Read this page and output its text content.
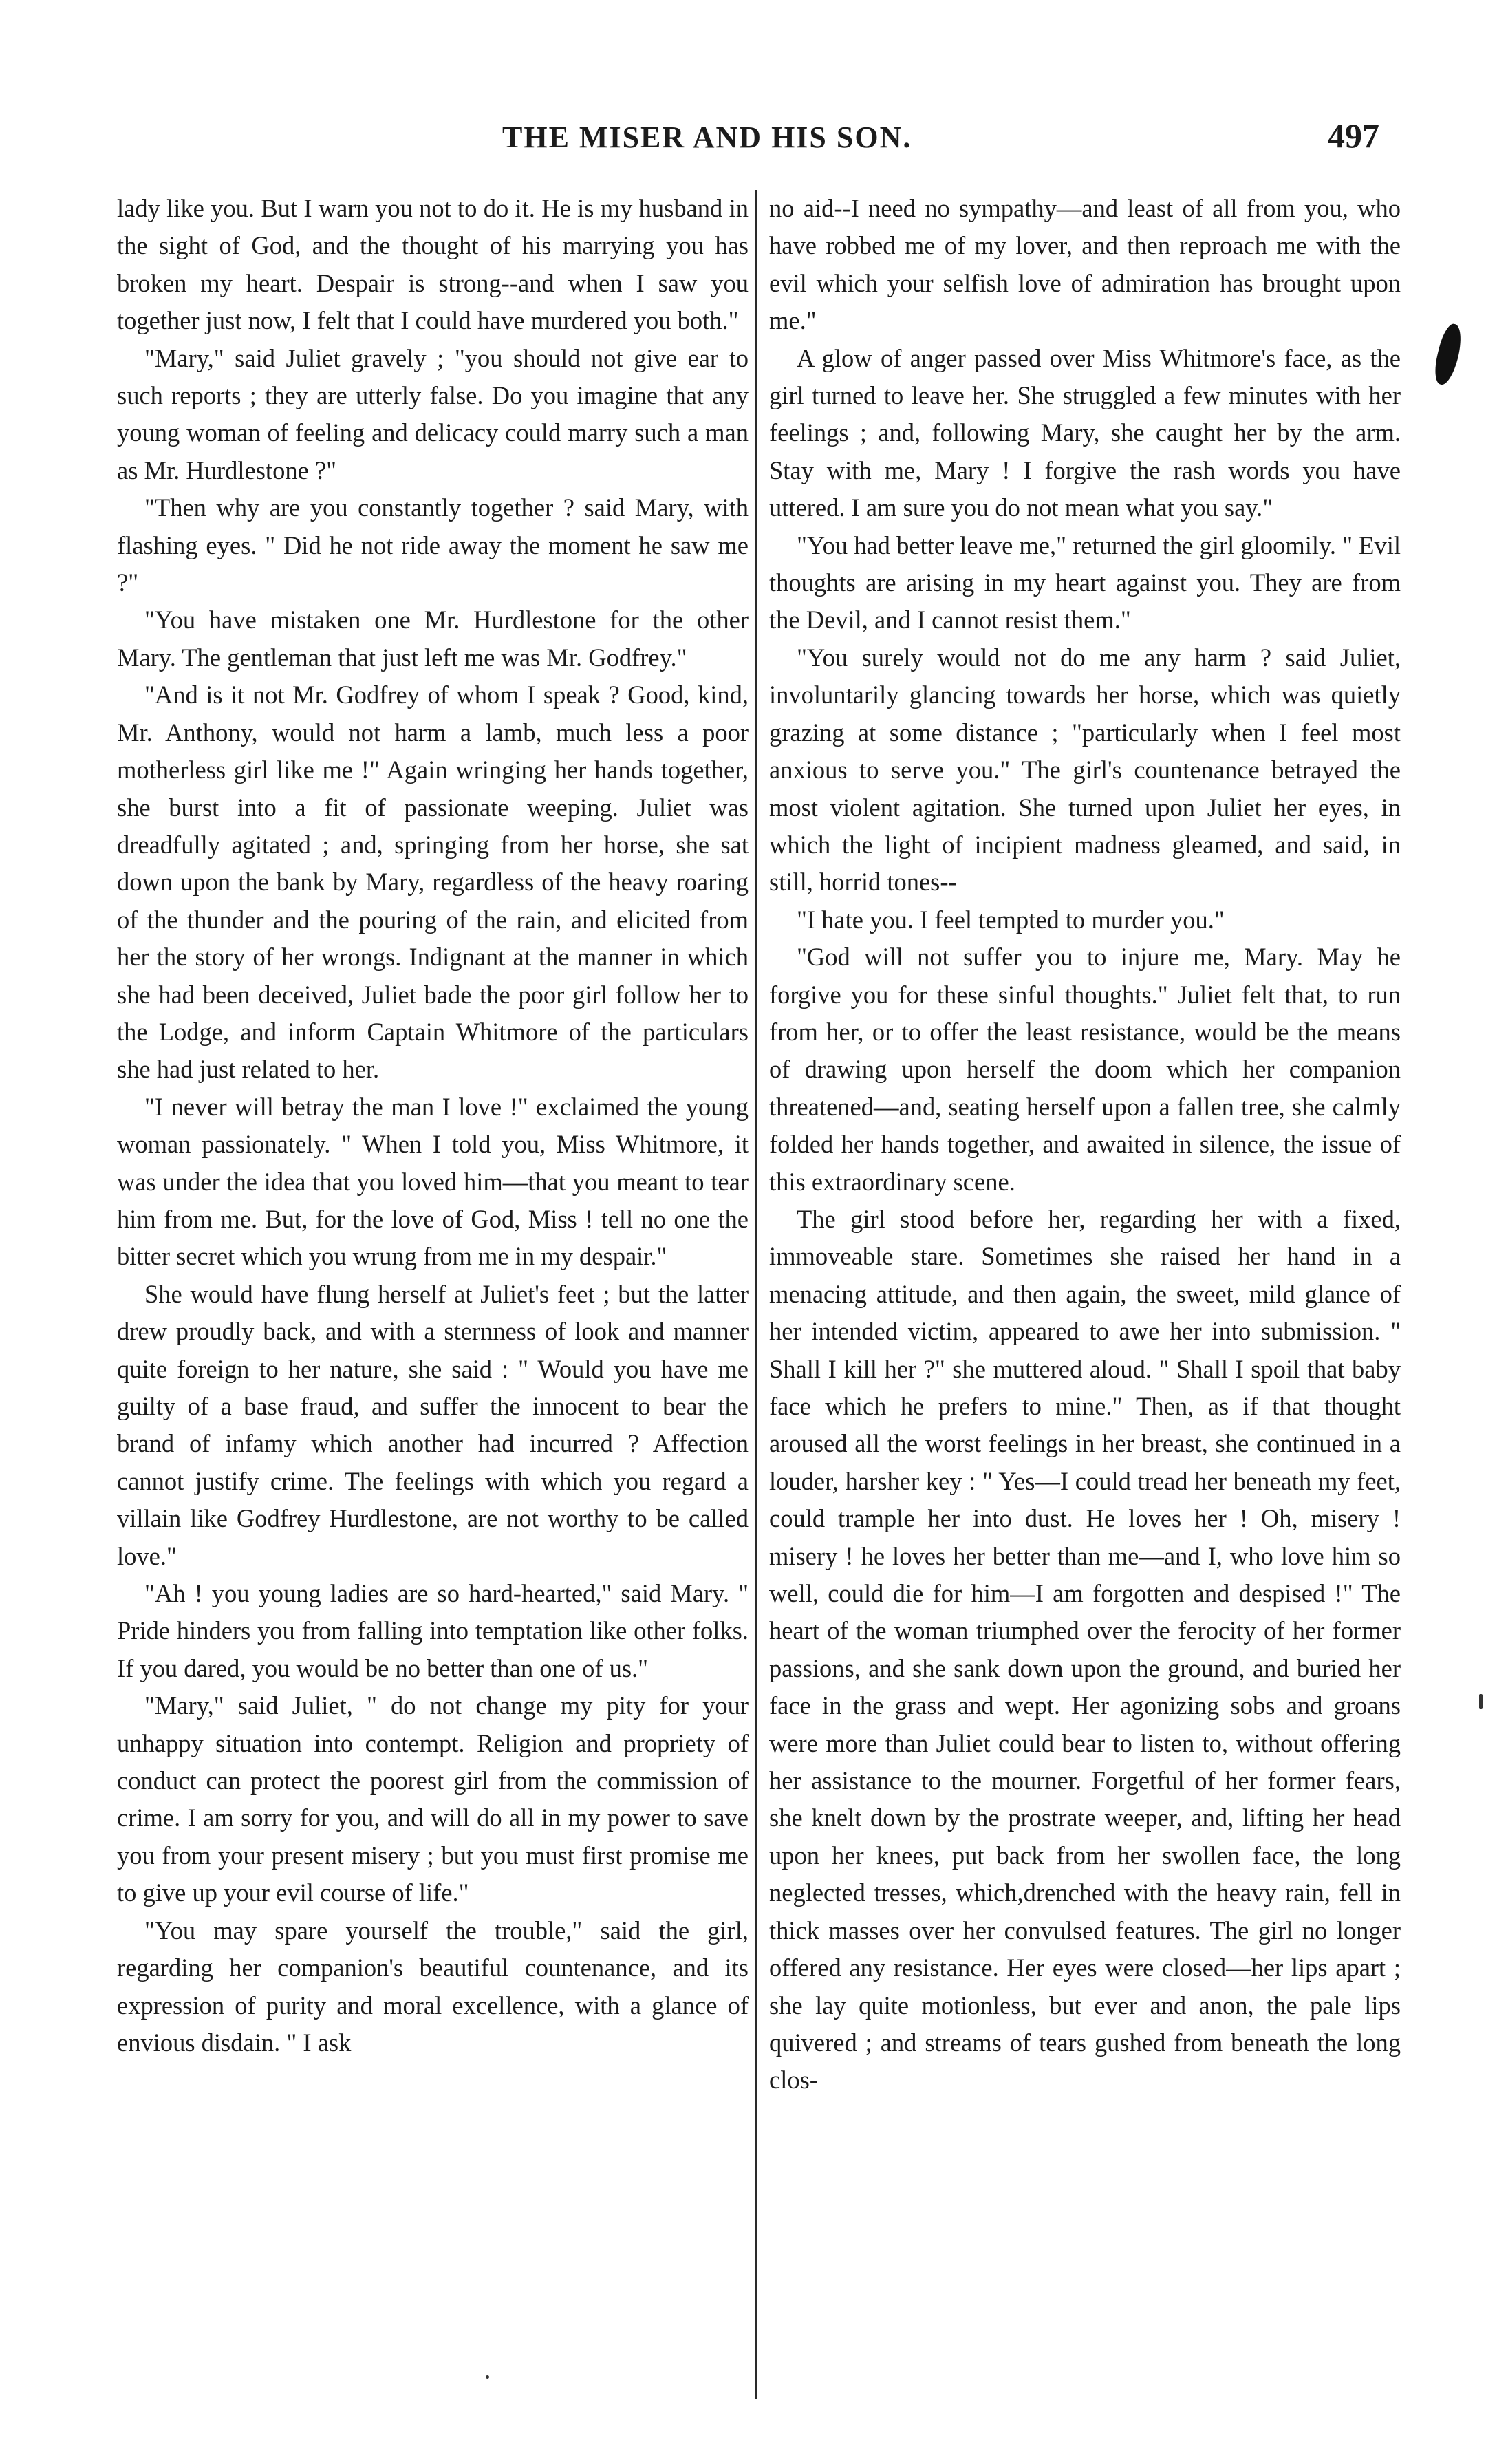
THE MISER AND HIS SON.	497

lady like you. But I warn you not to do it. He is my husband in the sight of God, and the thought of his marrying you has broken my heart. Despair is strong--and when I saw you together just now, I felt that I could have murdered you both."

"Mary," said Juliet gravely ; "you should not give ear to such reports ; they are utterly false. Do you imagine that any young woman of feeling and delicacy could marry such a man as Mr. Hurdlestone ?"

"Then why are you constantly together ? said Mary, with flashing eyes. " Did he not ride away the moment he saw me ?"

"You have mistaken one Mr. Hurdlestone for the other Mary. The gentleman that just left me was Mr. Godfrey."

"And is it not Mr. Godfrey of whom I speak ? Good, kind, Mr. Anthony, would not harm a lamb, much less a poor motherless girl like me !" Again wringing her hands together, she burst into a fit of passionate weeping. Juliet was dreadfully agitated ; and, springing from her horse, she sat down upon the bank by Mary, regardless of the heavy roaring of the thunder and the pouring of the rain, and elicited from her the story of her wrongs. Indignant at the manner in which she had been deceived, Juliet bade the poor girl follow her to the Lodge, and inform Captain Whitmore of the particulars she had just related to her.

"I never will betray the man I love !" exclaimed the young woman passionately. " When I told you, Miss Whitmore, it was under the idea that you loved him—that you meant to tear him from me. But, for the love of God, Miss ! tell no one the bitter secret which you wrung from me in my despair."

She would have flung herself at Juliet's feet ; but the latter drew proudly back, and with a sternness of look and manner quite foreign to her nature, she said : " Would you have me guilty of a base fraud, and suffer the innocent to bear the brand of infamy which another had incurred ? Affection cannot justify crime. The feelings with which you regard a villain like Godfrey Hurdlestone, are not worthy to be called love."

"Ah ! you young ladies are so hard-hearted," said Mary. " Pride hinders you from falling into temptation like other folks. If you dared, you would be no better than one of us."

"Mary," said Juliet, " do not change my pity for your unhappy situation into contempt. Religion and propriety of conduct can protect the poorest girl from the commission of crime. I am sorry for you, and will do all in my power to save you from your present misery ; but you must first promise me to give up your evil course of life."

"You may spare yourself the trouble," said the girl, regarding her companion's beautiful countenance, and its expression of purity and moral excellence, with a glance of envious disdain. " I ask

no aid--I need no sympathy—and least of all from you, who have robbed me of my lover, and then reproach me with the evil which your selfish love of admiration has brought upon me."

A glow of anger passed over Miss Whitmore's face, as the girl turned to leave her. She struggled a few minutes with her feelings ; and, following Mary, she caught her by the arm. Stay with me, Mary ! I forgive the rash words you have uttered. I am sure you do not mean what you say."

"You had better leave me," returned the girl gloomily. " Evil thoughts are arising in my heart against you. They are from the Devil, and I cannot resist them."

"You surely would not do me any harm ? said Juliet, involuntarily glancing towards her horse, which was quietly grazing at some distance ; "particularly when I feel most anxious to serve you." The girl's countenance betrayed the most violent agitation. She turned upon Juliet her eyes, in which the light of incipient madness gleamed, and said, in still, horrid tones--

"I hate you. I feel tempted to murder you."

"God will not suffer you to injure me, Mary. May he forgive you for these sinful thoughts." Juliet felt that, to run from her, or to offer the least resistance, would be the means of drawing upon herself the doom which her companion threatened—and, seating herself upon a fallen tree, she calmly folded her hands together, and awaited in silence, the issue of this extraordinary scene.

The girl stood before her, regarding her with a fixed, immoveable stare. Sometimes she raised her hand in a menacing attitude, and then again, the sweet, mild glance of her intended victim, appeared to awe her into submission. " Shall I kill her ?" she muttered aloud. " Shall I spoil that baby face which he prefers to mine." Then, as if that thought aroused all the worst feelings in her breast, she continued in a louder, harsher key : " Yes—I could tread her beneath my feet, could trample her into dust. He loves her ! Oh, misery ! misery ! he loves her better than me—and I, who love him so well, could die for him—I am forgotten and despised !" The heart of the woman triumphed over the ferocity of her former passions, and she sank down upon the ground, and buried her face in the grass and wept. Her agonizing sobs and groans were more than Juliet could bear to listen to, without offering her assistance to the mourner. Forgetful of her former fears, she knelt down by the prostrate weeper, and, lifting her head upon her knees, put back from her swollen face, the long neglected tresses, which,drenched with the heavy rain, fell in thick masses over her convulsed features. The girl no longer offered any resistance. Her eyes were closed—her lips apart ; she lay quite motionless, but ever and anon, the pale lips quivered ; and streams of tears gushed from beneath the long clos-
